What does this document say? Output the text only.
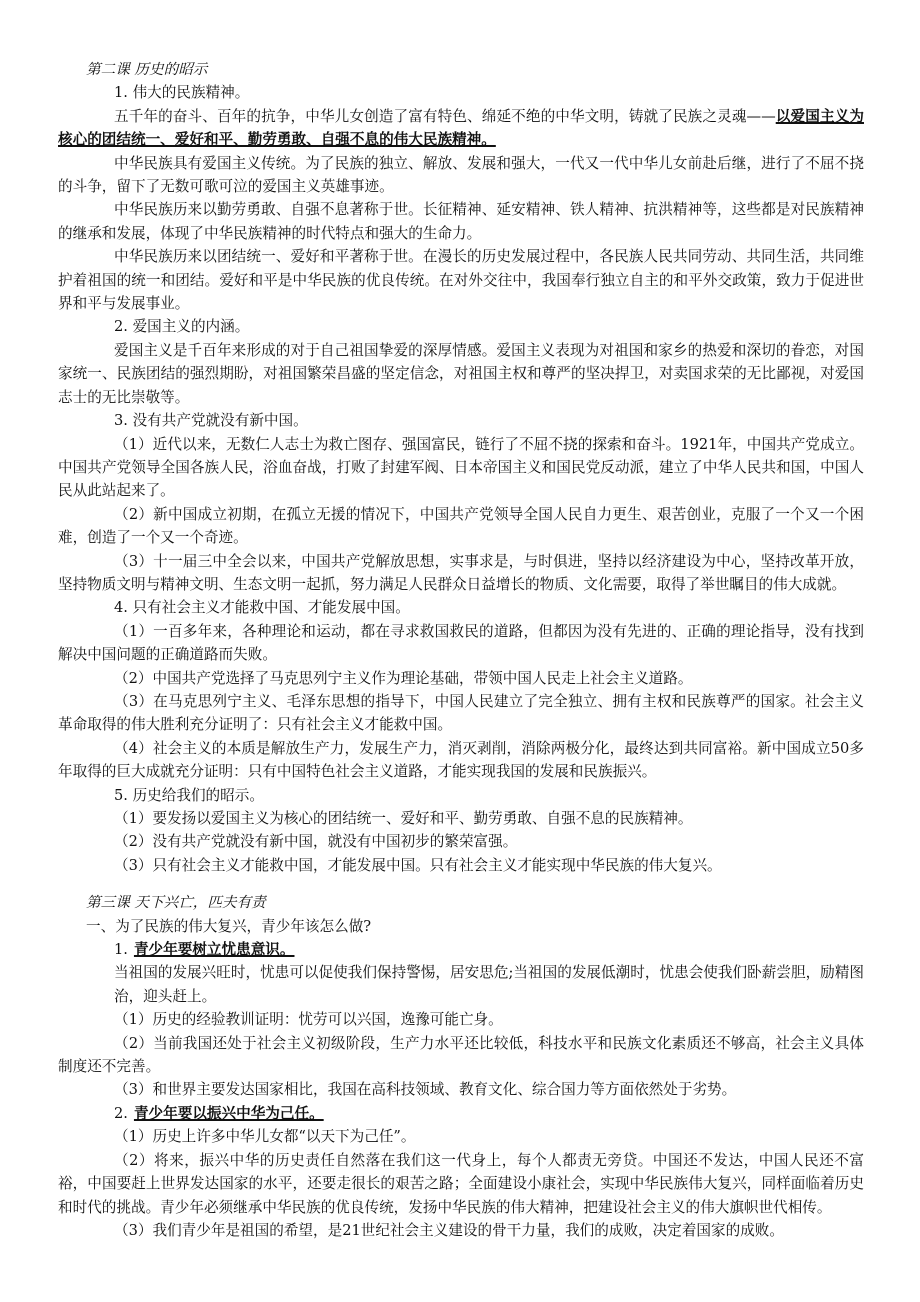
第二课 历史的昭示

1. 伟大的民族精神。

五千年的奋斗、百年的抗争，中华儿女创造了富有特色、绵延不绝的中华文明，铸就了民族之灵魂——以爱国主义为核心的团结统一、爱好和平、勤劳勇敢、自强不息的伟大民族精神。

中华民族具有爱国主义传统。为了民族的独立、解放、发展和强大，一代又一代中华儿女前赴后继，进行了不屈不挠的斗争，留下了无数可歌可泣的爱国主义英雄事迹。

中华民族历来以勤劳勇敢、自强不息著称于世。长征精神、延安精神、铁人精神、抗洪精神等，这些都是对民族精神的继承和发展，体现了中华民族精神的时代特点和强大的生命力。

中华民族历来以团结统一、爱好和平著称于世。在漫长的历史发展过程中，各民族人民共同劳动、共同生活，共同维护着祖国的统一和团结。爱好和平是中华民族的优良传统。在对外交往中，我国奉行独立自主的和平外交政策，致力于促进世界和平与发展事业。

2. 爱国主义的内涵。

爱国主义是千百年来形成的对于自己祖国挚爱的深厚情感。爱国主义表现为对祖国和家乡的热爱和深切的眷恋，对国家统一、民族团结的强烈期盼，对祖国繁荣昌盛的坚定信念，对祖国主权和尊严的坚决捍卫，对卖国求荣的无比鄙视，对爱国志士的无比崇敬等。

3. 没有共产党就没有新中国。

（1）近代以来，无数仁人志士为救亡图存、强国富民，链行了不屈不挠的探索和奋斗。1921年，中国共产党成立。中国共产党领导全国各族人民，浴血奋战，打败了封建军阀、日本帝国主义和国民党反动派，建立了中华人民共和国，中国人民从此站起来了。

（2）新中国成立初期，在孤立无援的情况下，中国共产党领导全国人民自力更生、艰苦创业，克服了一个又一个困难，创造了一个又一个奇迹。

（3）十一届三中全会以来，中国共产党解放思想，实事求是，与时俱进，坚持以经济建设为中心，坚持改革开放，坚持物质文明与精神文明、生态文明一起抓，努力满足人民群众日益增长的物质、文化需要，取得了举世瞩目的伟大成就。

4. 只有社会主义才能救中国、才能发展中国。

（1）一百多年来，各种理论和运动，都在寻求救国救民的道路，但都因为没有先进的、正确的理论指导，没有找到解决中国问题的正确道路而失败。

（2）中国共产党选择了马克思列宁主义作为理论基础，带领中国人民走上社会主义道路。

（3）在马克思列宁主义、毛泽东思想的指导下，中国人民建立了完全独立、拥有主权和民族尊严的国家。社会主义革命取得的伟大胜利充分证明了：只有社会主义才能救中国。

（4）社会主义的本质是解放生产力，发展生产力，消灭剥削，消除两极分化，最终达到共同富裕。新中国成立50多年取得的巨大成就充分证明：只有中国特色社会主义道路，才能实现我国的发展和民族振兴。

5. 历史给我们的昭示。

（1）要发扬以爱国主义为核心的团结统一、爱好和平、勤劳勇敢、自强不息的民族精神。

（2）没有共产党就没有新中国，就没有中国初步的繁荣富强。

（3）只有社会主义才能救中国，才能发展中国。只有社会主义才能实现中华民族的伟大复兴。

第三课 天下兴亡，匹夫有责

一、为了民族的伟大复兴，青少年该怎么做?

1. 青少年要树立忧患意识。

当祖国的发展兴旺时，忧患可以促使我们保持警惕，居安思危;当祖国的发展低潮时，忧患会使我们卧薪尝胆，励精图治，迎头赶上。

（1）历史的经验教训证明：忧劳可以兴国，逸豫可能亡身。

（2）当前我国还处于社会主义初级阶段，生产力水平还比较低，科技水平和民族文化素质还不够高，社会主义具体制度还不完善。

（3）和世界主要发达国家相比，我国在高科技领域、教育文化、综合国力等方面依然处于劣势。

2. 青少年要以振兴中华为己任。

（1）历史上许多中华儿女都“以天下为己任”。

（2）将来，振兴中华的历史责任自然落在我们这一代身上，每个人都责无旁贷。中国还不发达，中国人民还不富裕，中国要赶上世界发达国家的水平，还要走很长的艰苦之路；全面建设小康社会，实现中华民族伟大复兴，同样面临着历史和时代的挑战。青少年必须继承中华民族的优良传统，发扬中华民族的伟大精神，把建设社会主义的伟大旗帜世代相传。

（3）我们青少年是祖国的希望，是21世纪社会主义建设的骨干力量，我们的成败，决定着国家的成败。
